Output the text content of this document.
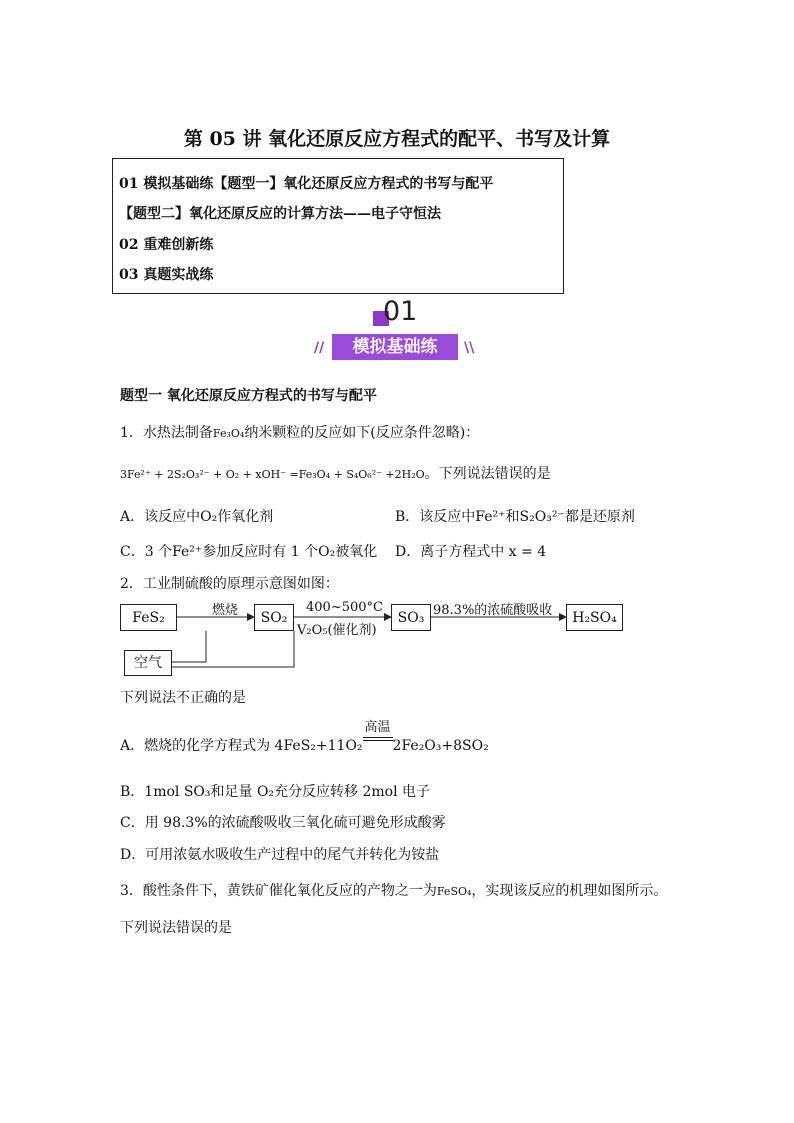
第 05 讲 氧化还原反应方程式的配平、书写及计算
01 模拟基础练【题型一】氧化还原反应方程式的书写与配平
【题型二】氧化还原反应的计算方法——电子守恒法
02 重难创新练
03 真题实战练
01
//	模拟基础练	\\
题型一 氧化还原反应方程式的书写与配平
1．水热法制备Fe₃O₄纳米颗粒的反应如下(反应条件忽略)：
3Fe²⁺ + 2S₂O₃²⁻ + O₂ + xOH⁻ =Fe₃O₄ + S₄O₆²⁻ +2H₂O。下列说法错误的是
A．该反应中O₂作氧化剂	B．该反应中Fe²⁺和S₂O₃²⁻都是还原剂
C．3 个Fe²⁺参加反应时有 1 个O₂被氧化 D．离子方程式中 x = 4
2．工业制硫酸的原理示意图如图：
FeS₂	SO₂	SO₃	H₂SO₄
空气
燃烧	400~500°C
V₂O₅(催化剂)
98.3%的浓硫酸吸收
下列说法不正确的是
A．燃烧的化学方程式为 4FeS₂+11O₂
高温
2Fe₂O₃+8SO₂
B．1mol SO₃和足量 O₂充分反应转移 2mol 电子
C．用 98.3%的浓硫酸吸收三氧化硫可避免形成酸雾
D．可用浓氨水吸收生产过程中的尾气并转化为铵盐
3．酸性条件下，黄铁矿催化氧化反应的产物之一为FeSO₄，实现该反应的机理如图所示。
下列说法错误的是
